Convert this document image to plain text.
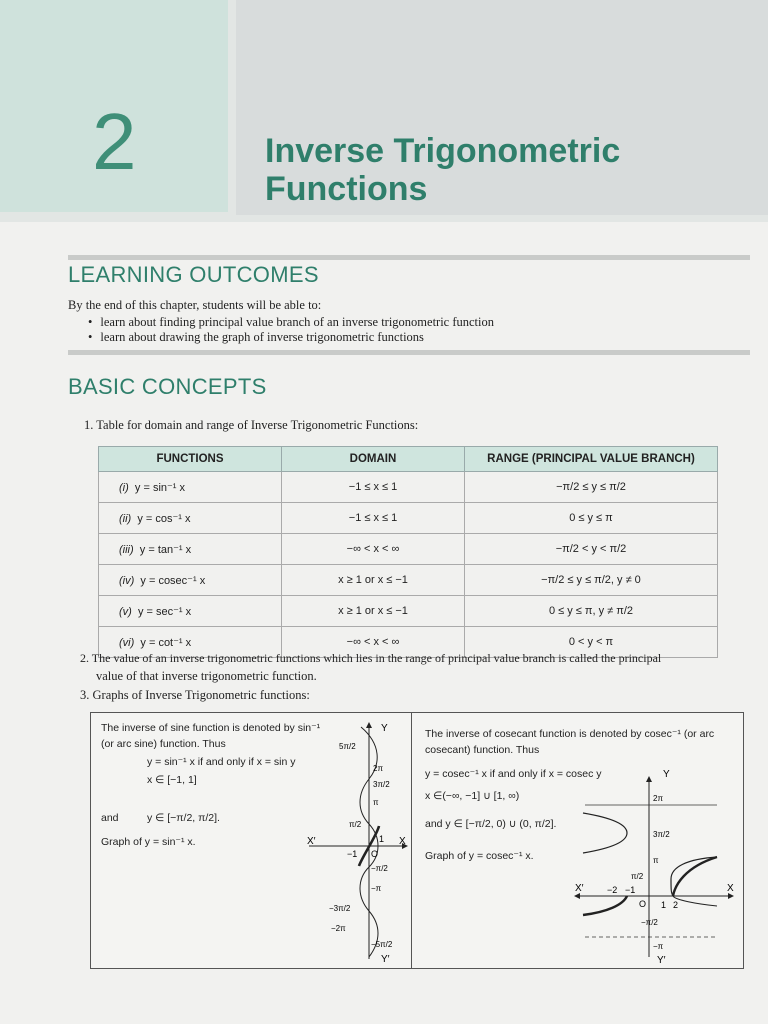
2	Inverse Trigonometric
Functions
LEARNING OUTCOMES
By the end of this chapter, students will be able to:
• learn about finding principal value branch of an inverse trigonometric function
• learn about drawing the graph of inverse trigonometric functions
BASIC CONCEPTS
1. Table for domain and range of Inverse Trigonometric Functions:
FUNCTIONS	DOMAIN	RANGE (PRINCIPAL VALUE BRANCH)
(i) y = sin⁻¹ x	−1 ≤ x ≤ 1	−π/2 ≤ y ≤ π/2
(ii) y = cos⁻¹ x	−1 ≤ x ≤ 1	0 ≤ y ≤ π
(iii) y = tan⁻¹ x	−∞ < x < ∞	−π/2 < y < π/2
(iv) y = cosec⁻¹ x	x ≥ 1 or x ≤ −1	−π/2 ≤ y ≤ π/2, y ≠ 0
(v) y = sec⁻¹ x	x ≥ 1 or x ≤ −1	0 ≤ y ≤ π, y ≠ π/2
(vi) y = cot⁻¹ x	−∞ < x < ∞	0 < y < π
2. The value of an inverse trigonometric functions which lies in the range of principal value branch is called the principal
value of that inverse trigonometric function.
3. Graphs of Inverse Trigonometric functions:
The inverse of sine function is denoted by sin⁻¹
(or arc sine) function. Thus
y = sin⁻¹ x if and only if x = sin y
x ∈ [−1, 1]
and	y ∈ [−π/2, π/2].
Graph of y = sin⁻¹ x.
Y
Y′
X
X′
O
1
−1
5π/2
2π
3π/2
π
π/2
−π/2
−π
−3π/2
−2π
−5π/2
The inverse of cosecant function is denoted by cosec⁻¹ (or arc
cosecant) function. Thus
y = cosec⁻¹ x if and only if x = cosec y
x ∈(−∞, −1] ∪ [1, ∞)
and y ∈ [−π/2, 0) ∪ (0, π/2].
Graph of y = cosec⁻¹ x.
Y
Y′
X
X′
O 1 2
−2 −1
2π
3π/2
π
π/2
−π/2
−π
